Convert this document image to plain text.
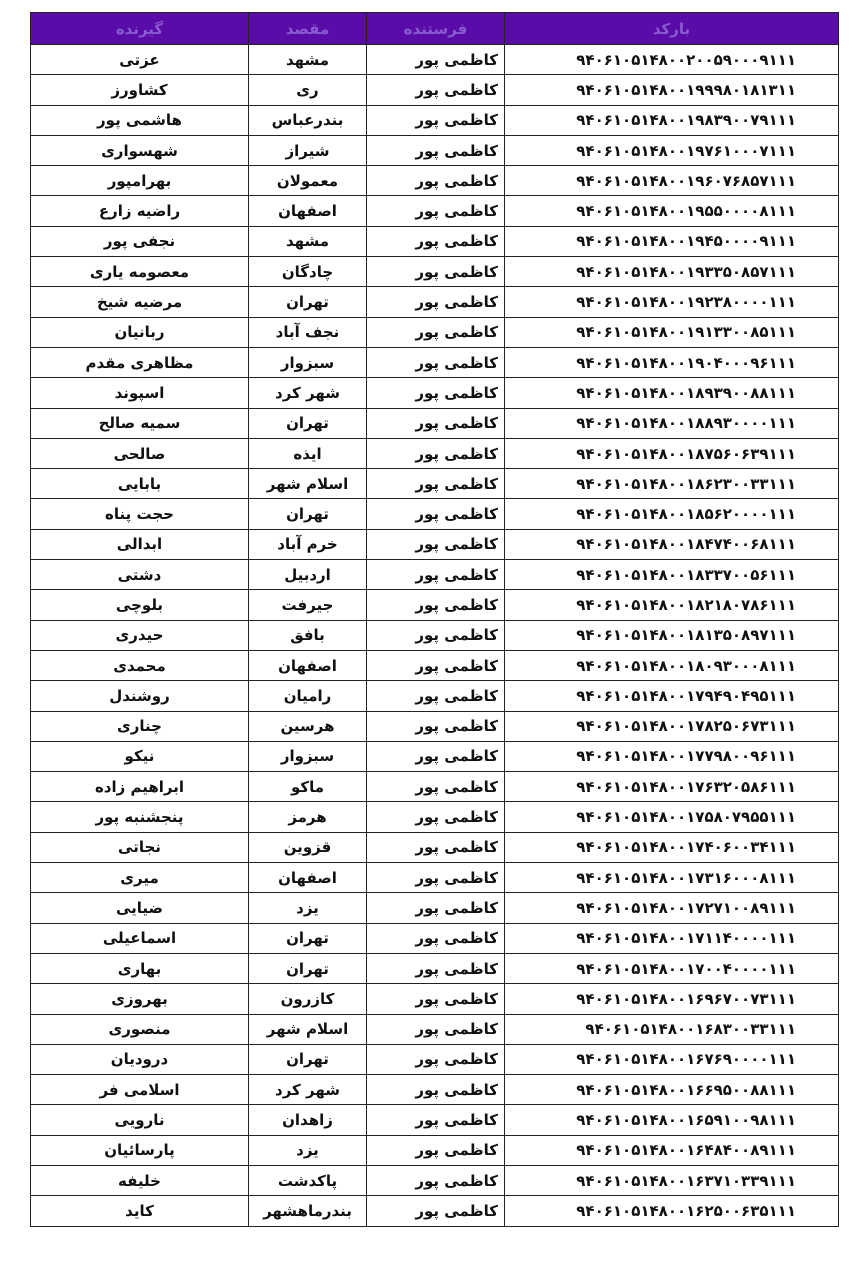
گیرنده	مقصد	فرستنده	بارکد
عزتی	مشهد	کاظمی پور	۹۴۰۶۱۰۵۱۴۸۰۰۲۰۰۵۹۰۰۰۹۱۱۱
کشاورز	ری	کاظمی پور	۹۴۰۶۱۰۵۱۴۸۰۰۱۹۹۹۸۰۱۸۱۳۱۱
هاشمی پور	بندرعباس	کاظمی پور	۹۴۰۶۱۰۵۱۴۸۰۰۱۹۸۳۹۰۰۷۹۱۱۱
شهسواری	شیراز	کاظمی پور	۹۴۰۶۱۰۵۱۴۸۰۰۱۹۷۶۱۰۰۰۷۱۱۱
بهرامپور	معمولان	کاظمی پور	۹۴۰۶۱۰۵۱۴۸۰۰۱۹۶۰۷۶۸۵۷۱۱۱
راضیه زارع	اصفهان	کاظمی پور	۹۴۰۶۱۰۵۱۴۸۰۰۱۹۵۵۰۰۰۰۸۱۱۱
نجفی پور	مشهد	کاظمی پور	۹۴۰۶۱۰۵۱۴۸۰۰۱۹۴۵۰۰۰۰۹۱۱۱
معصومه یاری	چادگان	کاظمی پور	۹۴۰۶۱۰۵۱۴۸۰۰۱۹۳۳۵۰۸۵۷۱۱۱
مرضیه شیخ	تهران	کاظمی پور	۹۴۰۶۱۰۵۱۴۸۰۰۱۹۲۳۸۰۰۰۰۱۱۱
ربانیان	نجف آباد	کاظمی پور	۹۴۰۶۱۰۵۱۴۸۰۰۱۹۱۳۳۰۰۸۵۱۱۱
مظاهری مقدم	سبزوار	کاظمی پور	۹۴۰۶۱۰۵۱۴۸۰۰۱۹۰۴۰۰۰۹۶۱۱۱
اسپوند	شهر کرد	کاظمی پور	۹۴۰۶۱۰۵۱۴۸۰۰۱۸۹۳۹۰۰۸۸۱۱۱
سمیه صالح	تهران	کاظمی پور	۹۴۰۶۱۰۵۱۴۸۰۰۱۸۸۹۳۰۰۰۰۱۱۱
صالحی	ایذه	کاظمی پور	۹۴۰۶۱۰۵۱۴۸۰۰۱۸۷۵۶۰۶۳۹۱۱۱
بابایی	اسلام شهر	کاظمی پور	۹۴۰۶۱۰۵۱۴۸۰۰۱۸۶۲۳۰۰۳۳۱۱۱
حجت پناه	تهران	کاظمی پور	۹۴۰۶۱۰۵۱۴۸۰۰۱۸۵۶۲۰۰۰۰۱۱۱
ابدالی	خرم آباد	کاظمی پور	۹۴۰۶۱۰۵۱۴۸۰۰۱۸۴۷۴۰۰۶۸۱۱۱
دشتی	اردبیل	کاظمی پور	۹۴۰۶۱۰۵۱۴۸۰۰۱۸۳۳۷۰۰۵۶۱۱۱
بلوچی	جیرفت	کاظمی پور	۹۴۰۶۱۰۵۱۴۸۰۰۱۸۲۱۸۰۷۸۶۱۱۱
حیدری	بافق	کاظمی پور	۹۴۰۶۱۰۵۱۴۸۰۰۱۸۱۳۵۰۸۹۷۱۱۱
محمدی	اصفهان	کاظمی پور	۹۴۰۶۱۰۵۱۴۸۰۰۱۸۰۹۳۰۰۰۸۱۱۱
روشندل	رامیان	کاظمی پور	۹۴۰۶۱۰۵۱۴۸۰۰۱۷۹۴۹۰۴۹۵۱۱۱
چناری	هرسین	کاظمی پور	۹۴۰۶۱۰۵۱۴۸۰۰۱۷۸۲۵۰۶۷۳۱۱۱
نیکو	سبزوار	کاظمی پور	۹۴۰۶۱۰۵۱۴۸۰۰۱۷۷۹۸۰۰۹۶۱۱۱
ابراهیم زاده	ماکو	کاظمی پور	۹۴۰۶۱۰۵۱۴۸۰۰۱۷۶۳۲۰۵۸۶۱۱۱
پنجشنبه پور	هرمز	کاظمی پور	۹۴۰۶۱۰۵۱۴۸۰۰۱۷۵۸۰۷۹۵۵۱۱۱
نجاتی	قزوین	کاظمی پور	۹۴۰۶۱۰۵۱۴۸۰۰۱۷۴۰۶۰۰۳۴۱۱۱
میری	اصفهان	کاظمی پور	۹۴۰۶۱۰۵۱۴۸۰۰۱۷۳۱۶۰۰۰۸۱۱۱
ضیایی	یزد	کاظمی پور	۹۴۰۶۱۰۵۱۴۸۰۰۱۷۲۷۱۰۰۸۹۱۱۱
اسماعیلی	تهران	کاظمی پور	۹۴۰۶۱۰۵۱۴۸۰۰۱۷۱۱۴۰۰۰۰۱۱۱
بهاری	تهران	کاظمی پور	۹۴۰۶۱۰۵۱۴۸۰۰۱۷۰۰۴۰۰۰۰۱۱۱
بهروزی	کازرون	کاظمی پور	۹۴۰۶۱۰۵۱۴۸۰۰۱۶۹۶۷۰۰۷۳۱۱۱
منصوری	اسلام شهر	کاظمی پور	۹۴۰۶۱۰۵۱۴۸۰۰۱۶۸۳۰۰۳۳۱۱۱
درودیان	تهران	کاظمی پور	۹۴۰۶۱۰۵۱۴۸۰۰۱۶۷۶۹۰۰۰۰۱۱۱
اسلامی فر	شهر کرد	کاظمی پور	۹۴۰۶۱۰۵۱۴۸۰۰۱۶۶۹۵۰۰۸۸۱۱۱
نارویی	زاهدان	کاظمی پور	۹۴۰۶۱۰۵۱۴۸۰۰۱۶۵۹۱۰۰۹۸۱۱۱
پارسائیان	یزد	کاظمی پور	۹۴۰۶۱۰۵۱۴۸۰۰۱۶۴۸۴۰۰۸۹۱۱۱
خلیفه	پاکدشت	کاظمی پور	۹۴۰۶۱۰۵۱۴۸۰۰۱۶۳۷۱۰۳۳۹۱۱۱
کاید	بندرماهشهر	کاظمی پور	۹۴۰۶۱۰۵۱۴۸۰۰۱۶۲۵۰۰۶۳۵۱۱۱
